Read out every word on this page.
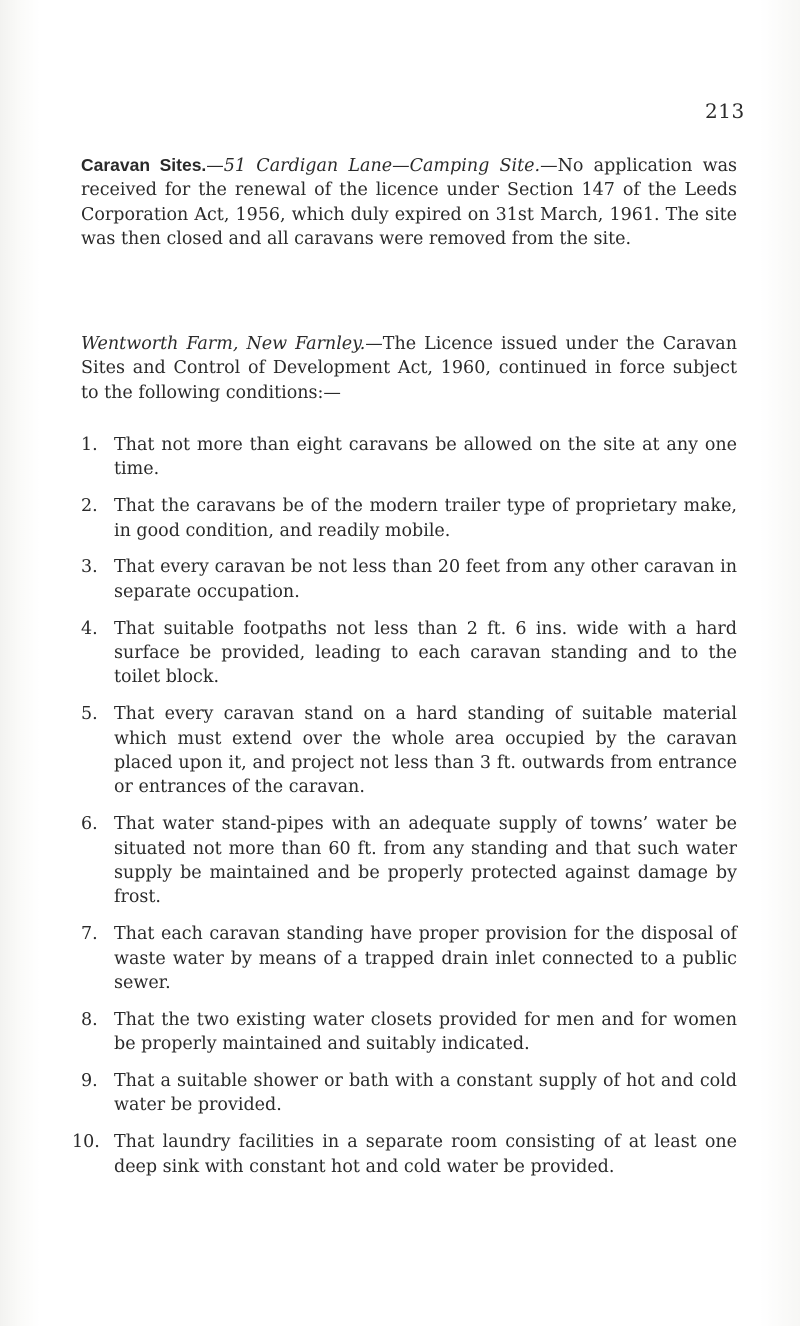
213

Caravan Sites.—51 Cardigan Lane—Camping Site.—No application was received for the renewal of the licence under Section 147 of the Leeds Corporation Act, 1956, which duly expired on 31st March, 1961. The site was then closed and all caravans were removed from the site.

Wentworth Farm, New Farnley.—The Licence issued under the Caravan Sites and Control of Development Act, 1960, continued in force subject to the following conditions:—

1. That not more than eight caravans be allowed on the site at any one time.
2. That the caravans be of the modern trailer type of proprietary make, in good condition, and readily mobile.
3. That every caravan be not less than 20 feet from any other caravan in separate occupation.
4. That suitable footpaths not less than 2 ft. 6 ins. wide with a hard surface be provided, leading to each caravan standing and to the toilet block.
5. That every caravan stand on a hard standing of suitable material which must extend over the whole area occupied by the caravan placed upon it, and project not less than 3 ft. outwards from entrance or entrances of the caravan.
6. That water stand-pipes with an adequate supply of towns’ water be situated not more than 60 ft. from any standing and that such water supply be maintained and be properly protected against damage by frost.
7. That each caravan standing have proper provision for the disposal of waste water by means of a trapped drain inlet connected to a public sewer.
8. That the two existing water closets provided for men and for women be properly maintained and suitably indicated.
9. That a suitable shower or bath with a constant supply of hot and cold water be provided.
10. That laundry facilities in a separate room consisting of at least one deep sink with constant hot and cold water be provided.
